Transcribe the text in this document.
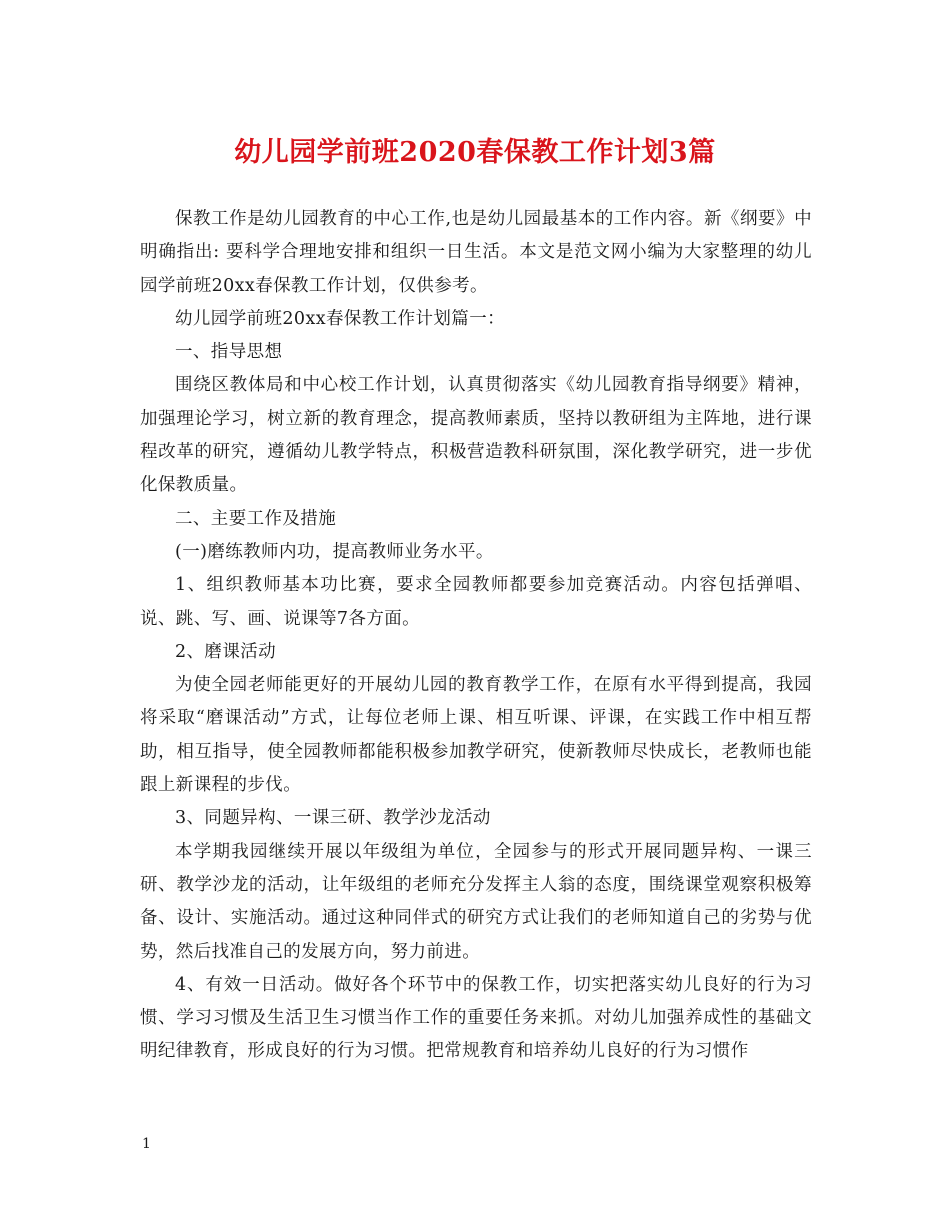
幼儿园学前班2020春保教工作计划3篇

保教工作是幼儿园教育的中心工作,也是幼儿园最基本的工作内容。新《纲要》中明确指出: 要科学合理地安排和组织一日生活。本文是范文网小编为大家整理的幼儿园学前班20xx春保教工作计划，仅供参考。

幼儿园学前班20xx春保教工作计划篇一：

一、指导思想

围绕区教体局和中心校工作计划，认真贯彻落实《幼儿园教育指导纲要》精神，加强理论学习，树立新的教育理念，提高教师素质，坚持以教研组为主阵地，进行课程改革的研究，遵循幼儿教学特点，积极营造教科研氛围，深化教学研究，进一步优化保教质量。

二、主要工作及措施

(一)磨练教师内功，提高教师业务水平。

1、组织教师基本功比赛，要求全园教师都要参加竞赛活动。内容包括弹唱、说、跳、写、画、说课等7各方面。

2、磨课活动

为使全园老师能更好的开展幼儿园的教育教学工作，在原有水平得到提高，我园将采取“磨课活动”方式，让每位老师上课、相互听课、评课，在实践工作中相互帮助，相互指导，使全园教师都能积极参加教学研究，使新教师尽快成长，老教师也能跟上新课程的步伐。

3、同题异构、一课三研、教学沙龙活动

本学期我园继续开展以年级组为单位，全园参与的形式开展同题异构、一课三研、教学沙龙的活动，让年级组的老师充分发挥主人翁的态度，围绕课堂观察积极筹备、设计、实施活动。通过这种同伴式的研究方式让我们的老师知道自己的劣势与优势，然后找准自己的发展方向，努力前进。

4、有效一日活动。做好各个环节中的保教工作，切实把落实幼儿良好的行为习惯、学习习惯及生活卫生习惯当作工作的重要任务来抓。对幼儿加强养成性的基础文明纪律教育，形成良好的行为习惯。把常规教育和培养幼儿良好的行为习惯作

1
